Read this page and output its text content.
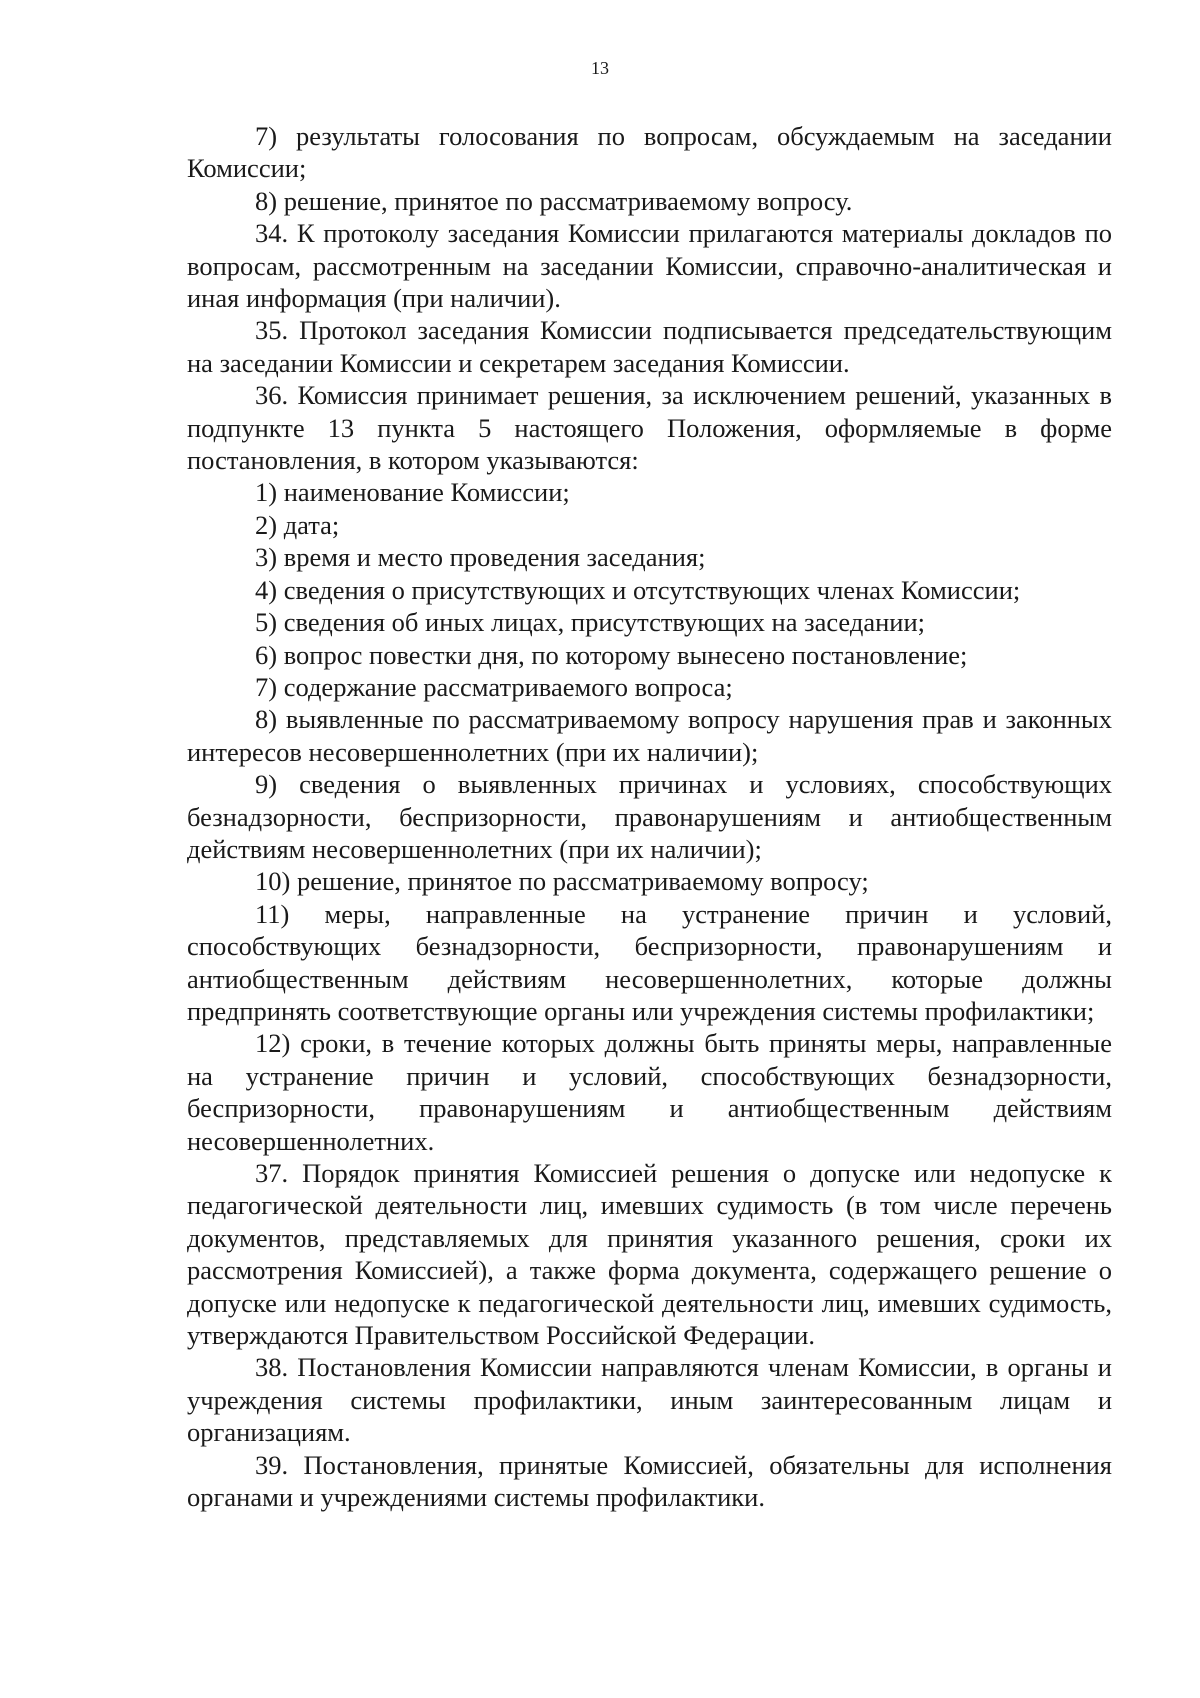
13

7) результаты голосования по вопросам, обсуждаемым на заседании Комиссии;

8) решение, принятое по рассматриваемому вопросу.

34. К протоколу заседания Комиссии прилагаются материалы докладов по вопросам, рассмотренным на заседании Комиссии, справочно-аналитическая и иная информация (при наличии).

35. Протокол заседания Комиссии подписывается председательствующим на заседании Комиссии и секретарем заседания Комиссии.

36. Комиссия принимает решения, за исключением решений, указанных в подпункте 13 пункта 5 настоящего Положения, оформляемые в форме постановления, в котором указываются:

1) наименование Комиссии;

2) дата;

3) время и место проведения заседания;

4) сведения о присутствующих и отсутствующих членах Комиссии;

5) сведения об иных лицах, присутствующих на заседании;

6) вопрос повестки дня, по которому вынесено постановление;

7) содержание рассматриваемого вопроса;

8) выявленные по рассматриваемому вопросу нарушения прав и законных интересов несовершеннолетних (при их наличии);

9) сведения о выявленных причинах и условиях, способствующих безнадзорности, беспризорности, правонарушениям и антиобщественным действиям несовершеннолетних (при их наличии);

10) решение, принятое по рассматриваемому вопросу;

11) меры, направленные на устранение причин и условий, способствующих безнадзорности, беспризорности, правонарушениям и антиобщественным действиям несовершеннолетних, которые должны предпринять соответствующие органы или учреждения системы профилактики;

12) сроки, в течение которых должны быть приняты меры, направленные на устранение причин и условий, способствующих безнадзорности, беспризорности, правонарушениям и антиобщественным действиям несовершеннолетних.

37. Порядок принятия Комиссией решения о допуске или недопуске к педагогической деятельности лиц, имевших судимость (в том числе перечень документов, представляемых для принятия указанного решения, сроки их рассмотрения Комиссией), а также форма документа, содержащего решение о допуске или недопуске к педагогической деятельности лиц, имевших судимость, утверждаются Правительством Российской Федерации.

38. Постановления Комиссии направляются членам Комиссии, в органы и учреждения системы профилактики, иным заинтересованным лицам и организациям.

39. Постановления, принятые Комиссией, обязательны для исполнения органами и учреждениями системы профилактики.
